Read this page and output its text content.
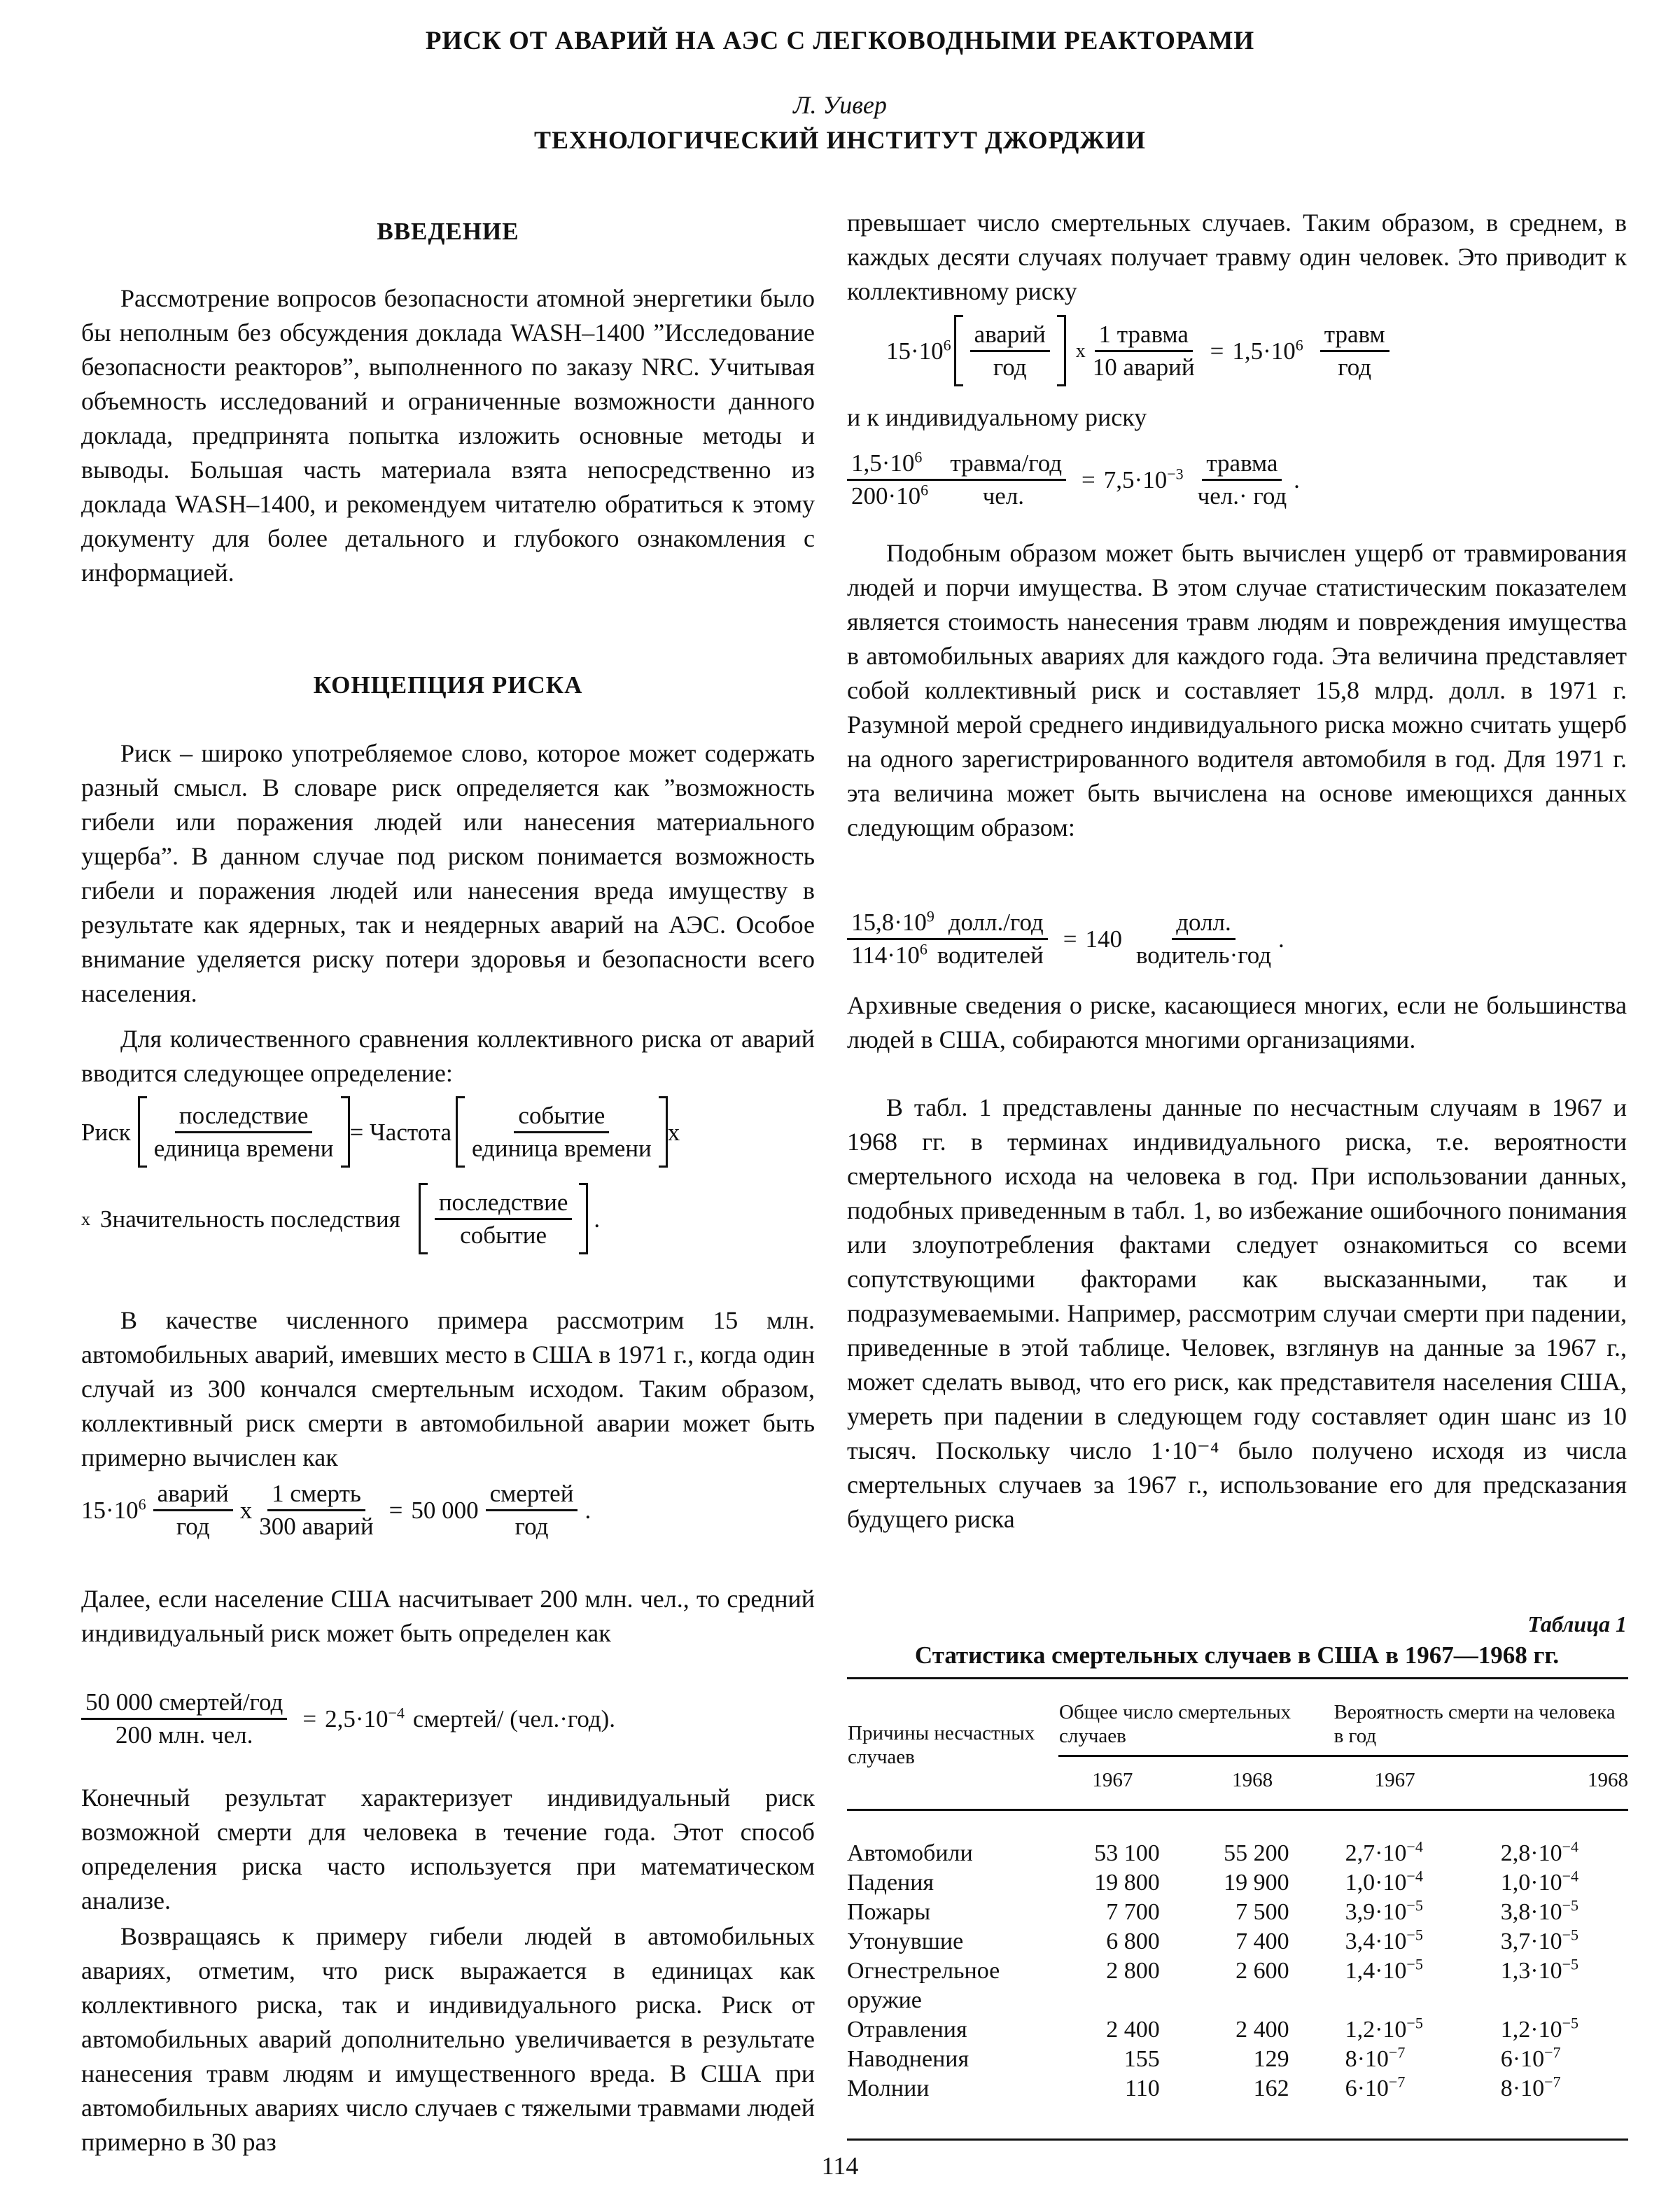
РИСК ОТ АВАРИЙ НА АЭС С ЛЕГКОВОДНЫМИ РЕАКТОРАМИ
Л. Уивер
ТЕХНОЛОГИЧЕСКИЙ ИНСТИТУТ ДЖОРДЖИИ
ВВЕДЕНИЕ

Рассмотрение вопросов безопасности атомной энергетики было бы неполным без обсуждения доклада WASH–1400 ”Исследование безопасности реакторов”, выполненного по заказу NRC. Учитывая объемность исследований и ограниченные возможности данного доклада, предпринята попытка изложить основные методы и выводы. Большая часть материала взята непосредственно из доклада WASH–1400, и рекомендуем читателю обратиться к этому документу для более детального и глубокого ознакомления с информацией.

КОНЦЕПЦИЯ РИСКА

Риск – широко употребляемое слово, которое может содержать разный смысл. В словаре риск определяется как ”возможность гибели или поражения людей или нанесения материального ущерба”. В данном случае под риском понимается возможность гибели и поражения людей или нанесения вреда имуществу в результате как ядерных, так и неядерных аварий на АЭС. Особое внимание уделяется риску потери здоровья и безопасности всего населения.

Для количественного сравнения коллективного риска от аварий вводится следующее определение:

Риск $\frac{\text{последствие}}{\text{единица времени}}$ = Частота $\frac{\text{событие}}{\text{единица времени}}$ x
x Значительность последствия $\frac{\text{последствие}}{\text{событие}}$ .

В качестве численного примера рассмотрим 15 млн. автомобильных аварий, имевших место в США в 1971 г., когда один случай из 300 кончался смертельным исходом. Таким образом, коллективный риск смерти в автомобильной аварии может быть примерно вычислен как

$15\cdot 10^6 \frac{\text{аварий}}{\text{год}}$ x $\frac{\text{1 смерть}}{\text{300 аварий}} = 50$ $000 \frac{\text{смертей}}{\text{год}}$ .

Далее, если население США насчитывает 200 млн. чел., то средний индивидуальный риск может быть определен как

$\frac{\text{50 000 смертей/год}}{\text{200 млн. чел.}} = 2,5\cdot 10^{-4}$ смертей/ (чел.·год).

Конечный результат характеризует индивидуальный риск возможной смерти для человека в течение года. Этот способ определения риска часто используется при математическом анализе.

Возвращаясь к примеру гибели людей в автомобильных авариях, отметим, что риск выражается в единицах как коллективного риска, так и индивидуального риска. Риск от автомобильных аварий дополнительно увеличивается в результате нанесения травм людям и имущественного вреда. В США при автомобильных авариях число случаев с тяжелыми травмами людей примерно в 30 раз

превышает число смертельных случаев. Таким образом, в среднем, в каждых десяти случаях получает травму один человек. Это приводит к коллективному риску

$15\cdot 10^6 \frac{\text{аварий}}{\text{год}}$ x $\frac{\text{1 травма}}{\text{10 аварий}} = 1,5\cdot 10^6 \frac{\text{травм}}{\text{год}}$

и к индивидуальному риску

$\frac{1,5\cdot 10^6 травма/год}{200\cdot 10^6 чел.} = 7,5\cdot 10^{-3} \frac{\text{травма}}{\text{чел.· год}}$ .

Подобным образом может быть вычислен ущерб от травмирования людей и порчи имущества. В этом случае статистическим показателем является стоимость нанесения травм людям и повреждения имущества в автомобильных авариях для каждого года. Эта величина представляет собой коллективный риск и составляет 15,8 млрд. долл. в 1971 г. Разумной мерой среднего индивидуального риска можно считать ущерб на одного зарегистрированного водителя автомобиля в год. Для 1971 г. эта величина может быть вычислена на основе имеющихся данных следующим образом:

$\frac{15,8\cdot 10^9 долл./год}{114\cdot 10^6 водителей} = 140 \frac{\text{долл.}}{\text{водитель·год}}$ .

Архивные сведения о риске, касающиеся многих, если не большинства людей в США, собираются многими организациями.

В табл. 1 представлены данные по несчастным случаям в 1967 и 1968 гг. в терминах индивидуального риска, т.е. вероятности смертельного исхода на человека в год. При использовании данных, подобных приведенным в табл. 1, во избежание ошибочного понимания или злоупотребления фактами следует ознакомиться со всеми сопутствующими факторами как высказанными, так и подразумеваемыми. Например, рассмотрим случаи смерти при падении, приведенные в этой таблице. Человек, взглянув на данные за 1967 г., может сделать вывод, что его риск, как представителя населения США, умереть при падении в следующем году составляет один шанс из 10 тысяч. Поскольку число 1·10⁻⁴ было получено исходя из числа смертельных случаев за 1967 г., использование его для предсказания будущего риска

Таблица 1
Статистика смертельных случаев в США в 1967—1968 гг.
Причины несчастных случаев	Общее число смертельных случаев		Вероятность смерти на человека в год	
	1967	1968	1967	1968
Автомобили	53 100	55 200	$2,7\cdot 10^{-4}$	$2,8\cdot 10^{-4}$
Падения	19 800	19 900	$1,0\cdot 10^{-4}$	$1,0\cdot 10^{-4}$
Пожары	7 700	7 500	$3,9\cdot 10^{-5}$	$3,8\cdot 10^{-5}$
Утонувшие	6 800	7 400	$3,4\cdot 10^{-5}$	$3,7\cdot 10^{-5}$
Огнестрельное оружие	2 800	2 600	$1,4\cdot 10^{-5}$	$1,3\cdot 10^{-5}$
Отравления	2 400	2 400	$1,2\cdot 10^{-5}$	$1,2\cdot 10^{-5}$
Наводнения	155	129	$8\cdot 10^{-7}$	$6\cdot 10^{-7}$
Молнии	110	162	$6\cdot 10^{-7}$	$8\cdot 10^{-7}$
114
